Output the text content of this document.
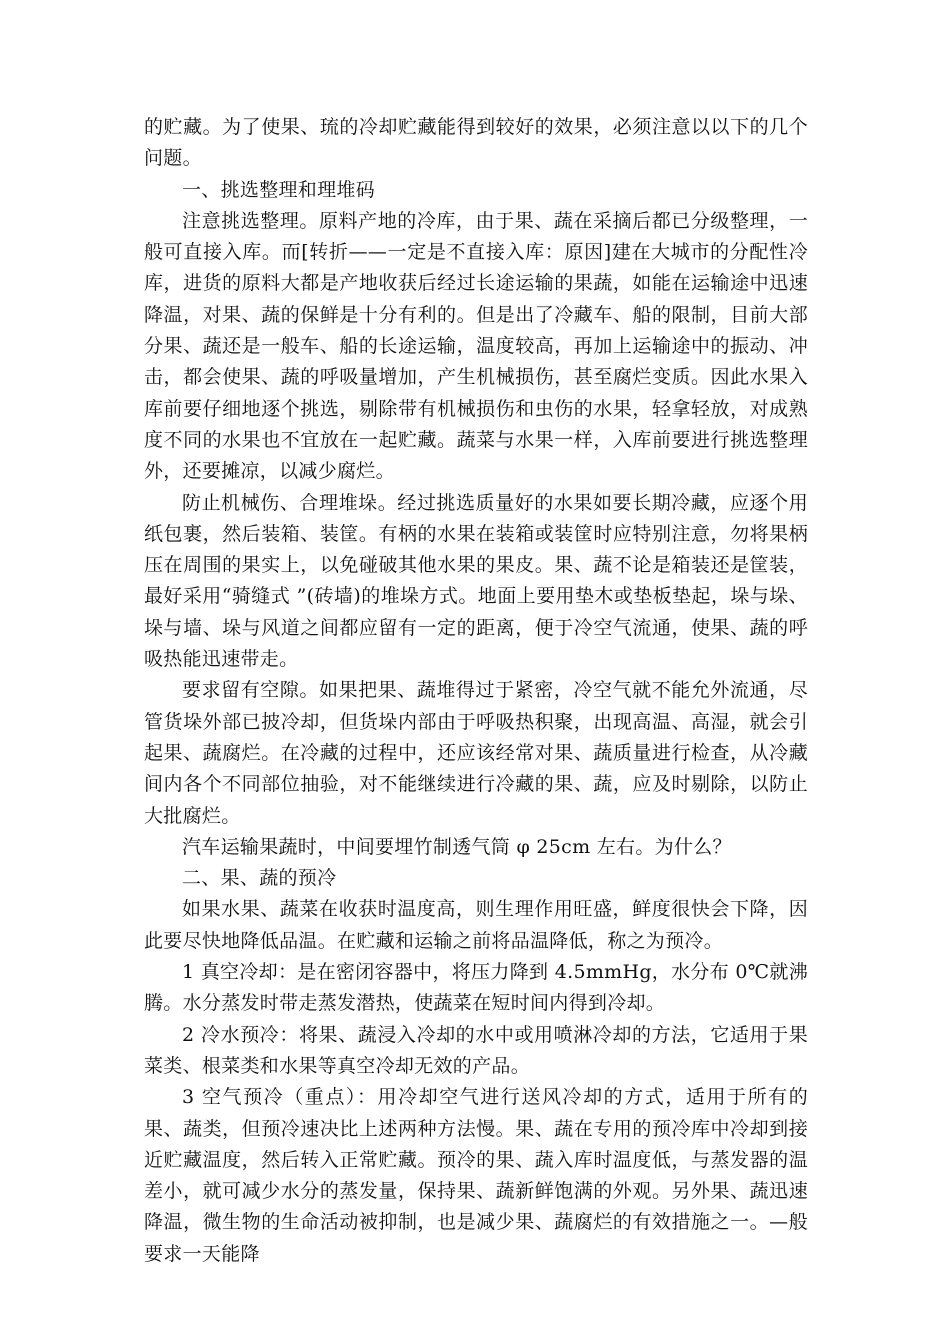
的贮藏。为了使果、琉的冷却贮藏能得到较好的效果，必须注意以以下的几个问题。

一、挑选整理和理堆码

注意挑选整理。原料产地的冷库，由于果、蔬在采摘后都已分级整理，一般可直接入库。而[转折——一定是不直接入库：原因]建在大城市的分配性冷库，进货的原料大都是产地收获后经过长途运输的果蔬，如能在运输途中迅速降温，对果、蔬的保鲜是十分有利的。但是出了冷藏车、船的限制，目前大部分果、蔬还是一般车、船的长途运输，温度较高，再加上运输途中的振动、冲击，都会使果、蔬的呼吸量增加，产生机械损伤，甚至腐烂变质。因此水果入库前要仔细地逐个挑选，剔除带有机械损伤和虫伤的水果，轻拿轻放，对成熟度不同的水果也不宜放在一起贮藏。蔬菜与水果一样，入库前要进行挑选整理外，还要摊凉，以减少腐烂。

防止机械伤、合理堆垛。经过挑选质量好的水果如要长期冷藏，应逐个用纸包裹，然后装箱、装筐。有柄的水果在装箱或装筐时应特别注意，勿将果柄压在周围的果实上，以免碰破其他水果的果皮。果、蔬不论是箱装还是筐装，最好采用“骑缝式 ”(砖墙)的堆垛方式。地面上要用垫木或垫板垫起，垛与垛、垛与墙、垛与风道之间都应留有一定的距离，便于冷空气流通，使果、蔬的呼吸热能迅速带走。

要求留有空隙。如果把果、蔬堆得过于紧密，冷空气就不能允外流通，尽管货垛外部已披冷却，但货垛内部由于呼吸热积聚，出现高温、高湿，就会引起果、蔬腐烂。在冷藏的过程中，还应该经常对果、蔬质量进行检查，从冷藏间内各个不同部位抽验，对不能继续进行冷藏的果、蔬，应及时剔除，以防止大批腐烂。

汽车运输果蔬时，中间要埋竹制透气筒 φ 25cm 左右。为什么？

二、果、蔬的预冷

如果水果、蔬菜在收获时温度高，则生理作用旺盛，鲜度很快会下降，因此要尽快地降低品温。在贮藏和运输之前将品温降低，称之为预冷。

1 真空冷却：是在密闭容器中，将压力降到 4.5mmHg，水分布 0℃就沸腾。水分蒸发时带走蒸发潜热，使蔬菜在短时间内得到冷却。

2 冷水预冷：将果、蔬浸入冷却的水中或用喷淋冷却的方法，它适用于果菜类、根菜类和水果等真空冷却无效的产品。

3 空气预冷（重点）：用冷却空气进行送风冷却的方式，适用于所有的果、蔬类，但预冷速决比上述两种方法慢。果、蔬在专用的预冷库中冷却到接近贮藏温度，然后转入正常贮藏。预冷的果、蔬入库时温度低，与蒸发器的温差小，就可减少水分的蒸发量，保持果、蔬新鲜饱满的外观。另外果、蔬迅速降温，微生物的生命活动被抑制，也是减少果、蔬腐烂的有效措施之一。—般要求一天能降
